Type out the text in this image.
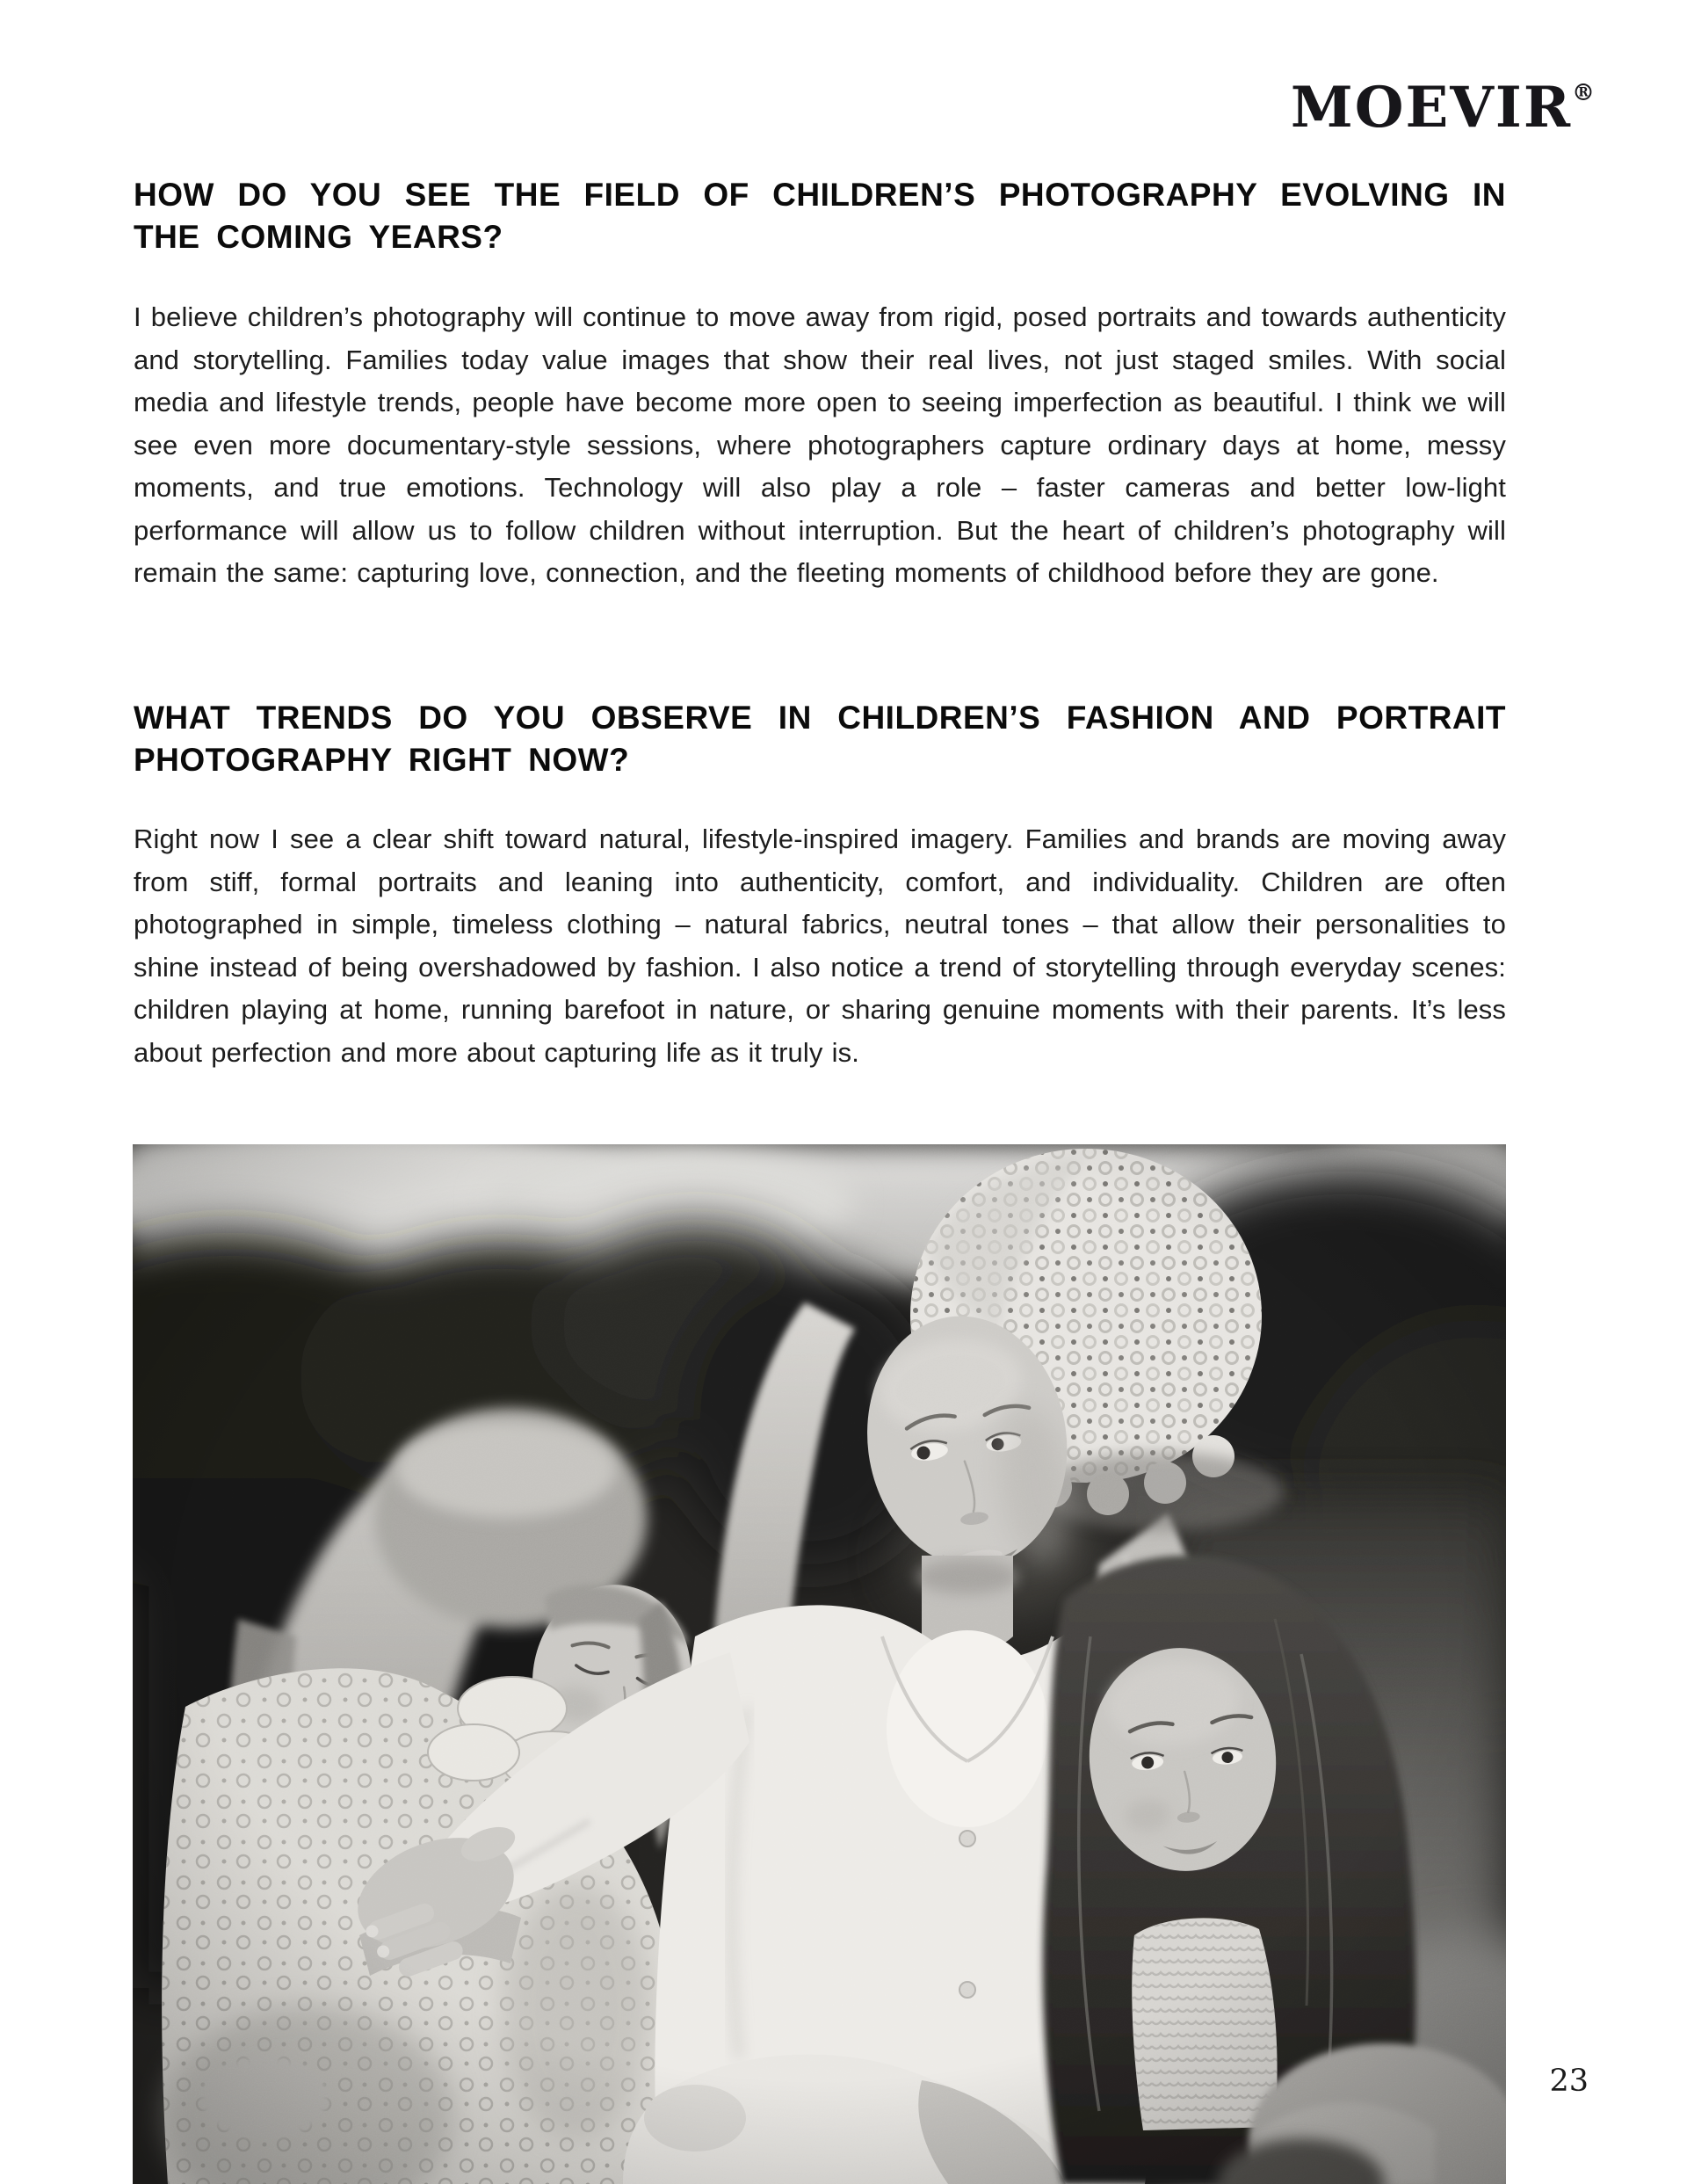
MOEVIR®
HOW DO YOU SEE THE FIELD OF CHILDREN’S PHOTOGRAPHY EVOLVING IN THE COMING YEARS?

I believe children’s photography will continue to move away from rigid, posed portraits and towards authenticity and storytelling. Families today value images that show their real lives, not just staged smiles. With social media and lifestyle trends, people have become more open to seeing imperfection as beautiful. I think we will see even more documentary-style sessions, where photographers capture ordinary days at home, messy moments, and true emotions. Technology will also play a role – faster cameras and better low-light performance will allow us to follow children without interruption. But the heart of children’s photography will remain the same: capturing love, connection, and the fleeting moments of childhood before they are gone.

WHAT TRENDS DO YOU OBSERVE IN CHILDREN’S FASHION AND PORTRAIT PHOTOGRAPHY RIGHT NOW?

Right now I see a clear shift toward natural, lifestyle-inspired imagery. Families and brands are moving away from stiff, formal portraits and leaning into authenticity, comfort, and individuality. Children are often photographed in simple, timeless clothing – natural fabrics, neutral tones – that allow their personalities to shine instead of being overshadowed by fashion. I also notice a trend of storytelling through everyday scenes: children playing at home, running barefoot in nature, or sharing genuine moments with their parents. It’s less about perfection and more about capturing life as it truly is.

23
